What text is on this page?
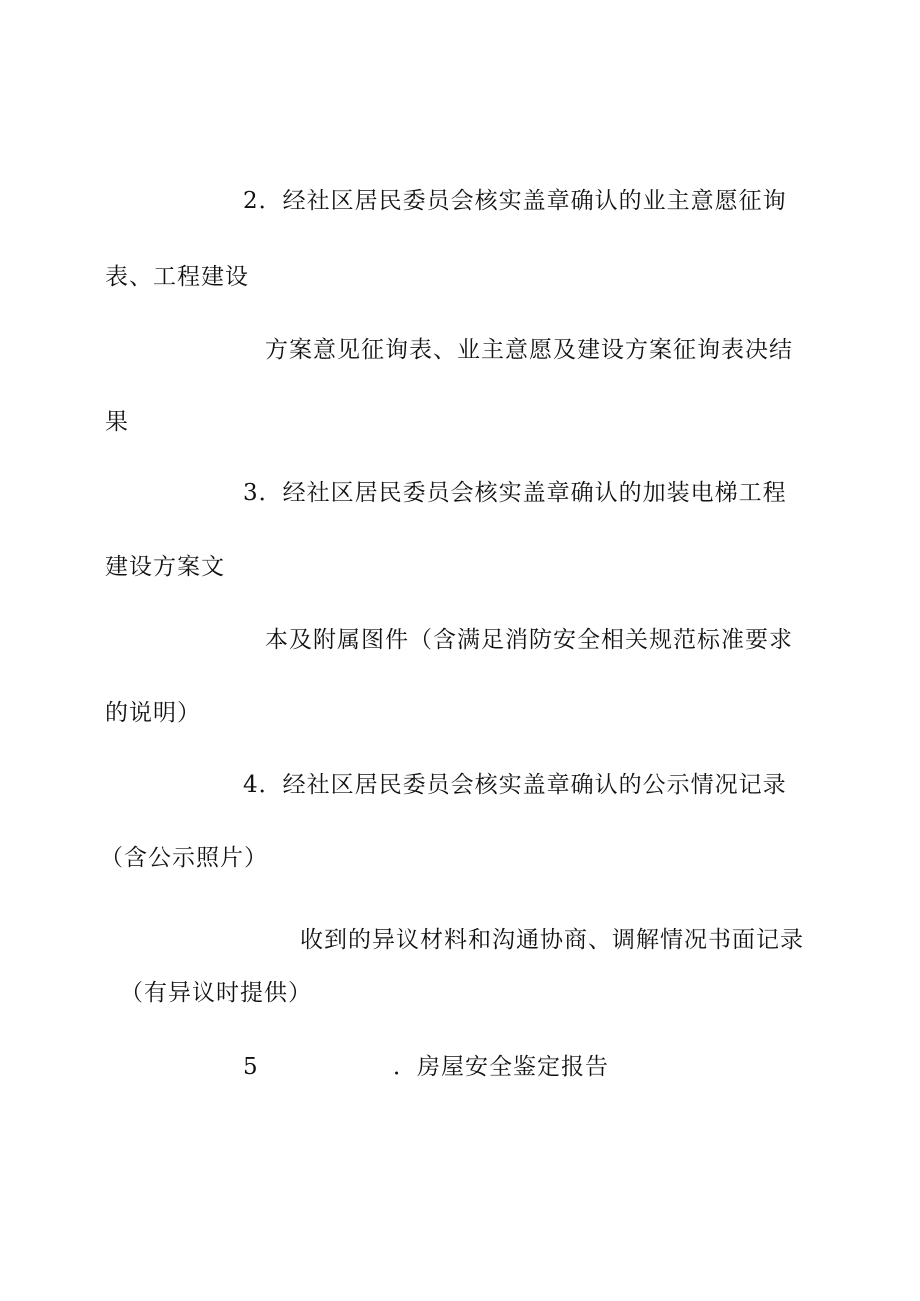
2．经社区居民委员会核实盖章确认的业主意愿征询
表、工程建设
方案意见征询表、业主意愿及建设方案征询表决结
果
3．经社区居民委员会核实盖章确认的加装电梯工程
建设方案文
本及附属图件（含满足消防安全相关规范标准要求
的说明）
4．经社区居民委员会核实盖章确认的公示情况记录
（含公示照片）
收到的异议材料和沟通协商、调解情况书面记录
（有异议时提供）
5	．房屋安全鉴定报告
